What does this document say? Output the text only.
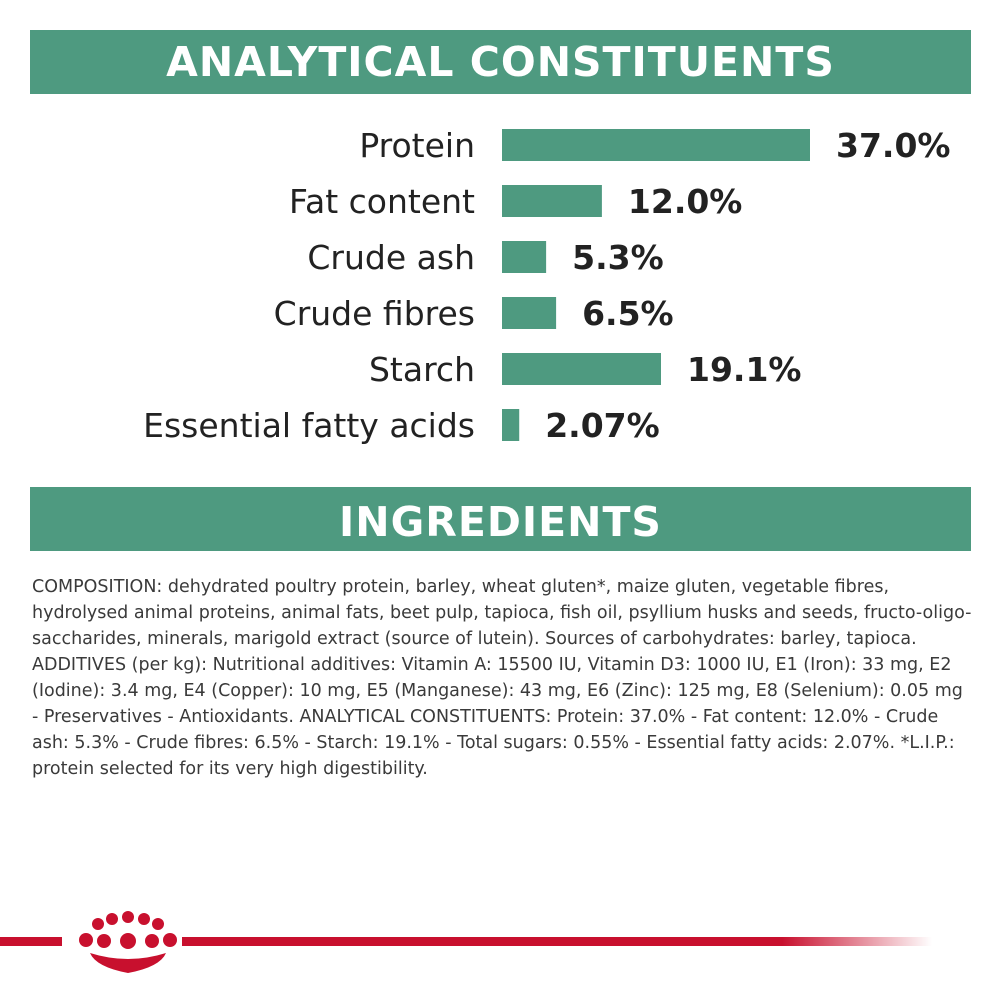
ANALYTICAL CONSTITUENTS
Protein	37.0%
Fat content	12.0%
Crude ash	5.3%
Crude fibres	6.5%
Starch	19.1%
Essential fatty acids 2.07%
INGREDIENTS

COMPOSITION: dehydrated poultry protein, barley, wheat gluten*, maize gluten, vegetable fibres, hydrolysed animal proteins, animal fats, beet pulp, tapioca, fish oil, psyllium husks and seeds, fructo-oligo-saccharides, minerals, marigold extract (source of lutein). Sources of carbohydrates: barley, tapioca. ADDITIVES (per kg): Nutritional additives: Vitamin A: 15500 IU, Vitamin D3: 1000 IU, E1 (Iron): 33 mg, E2 (Iodine): 3.4 mg, E4 (Copper): 10 mg, E5 (Manganese): 43 mg, E6 (Zinc): 125 mg, E8 (Selenium): 0.05 mg - Preservatives - Antioxidants. ANALYTICAL CONSTITUENTS: Protein: 37.0% - Fat content: 12.0% - Crude ash: 5.3% - Crude fibres: 6.5% - Starch: 19.1% - Total sugars: 0.55% - Essential fatty acids: 2.07%. *L.I.P.: protein selected for its very high digestibility.
